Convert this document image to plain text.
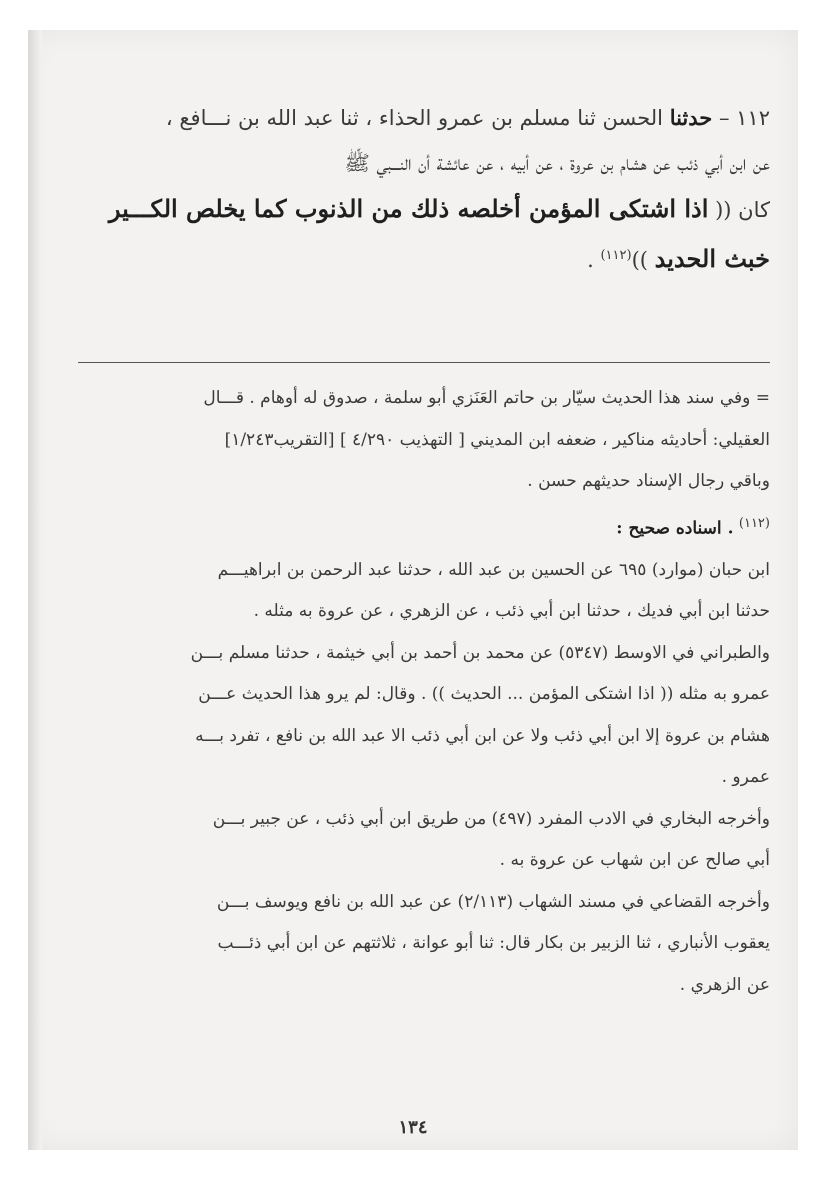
١١٢ – حدثنا الحسن ثنا مسلم بن عمرو الحذاء ، ثنا عبد الله بن نـــافع ،
عن ابن أبي ذئب عن هشام بن عروة ، عن أبيه ، عن عائشة أن النـــبي ﷺ
كان (( اذا اشتكى المؤمن أخلصه ذلك من الذنوب كما يخلص الكـــير
خبث الحديد ))$^{(١١٢)}$ .
= وفي سند هذا الحديث سيّار بن حاتم العَنَزي أبو سلمة ، صدوق له أوهام . قـــال
العقيلي: أحاديثه مناكير ، ضعفه ابن المديني [ التهذيب ٤/٢٩٠ ] [التقريب١/٢٤٣]
وباقي رجال الإسناد حديثهم حسن .
$^{(١١٢)}$ . اسناده صحيح :
ابن حبان (موارد) ٦٩٥ عن الحسين بن عبد الله ، حدثنا عبد الرحمن بن ابراهيـــم
حدثنا ابن أبي فديك ، حدثنا ابن أبي ذئب ، عن الزهري ، عن عروة به مثله .
والطبراني في الاوسط (٥٣٤٧) عن محمد بن أحمد بن أبي خيثمة ، حدثنا مسلم بـــن
عمرو به مثله (( اذا اشتكى المؤمن ... الحديث )) . وقال: لم يرو هذا الحديث عـــن
هشام بن عروة إلا ابن أبي ذئب ولا عن ابن أبي ذئب الا عبد الله بن نافع ، تفرد بـــه
عمرو .
وأخرجه البخاري في الادب المفرد (٤٩٧) من طريق ابن أبي ذئب ، عن جبير بـــن
أبي صالح عن ابن شهاب عن عروة به .
وأخرجه القضاعي في مسند الشهاب (٢/١١٣) عن عبد الله بن نافع ويوسف بـــن
يعقوب الأنباري ، ثنا الزبير بن بكار قال: ثنا أبو عوانة ، ثلاثتهم عن ابن أبي ذئـــب
عن الزهري .
١٣٤
